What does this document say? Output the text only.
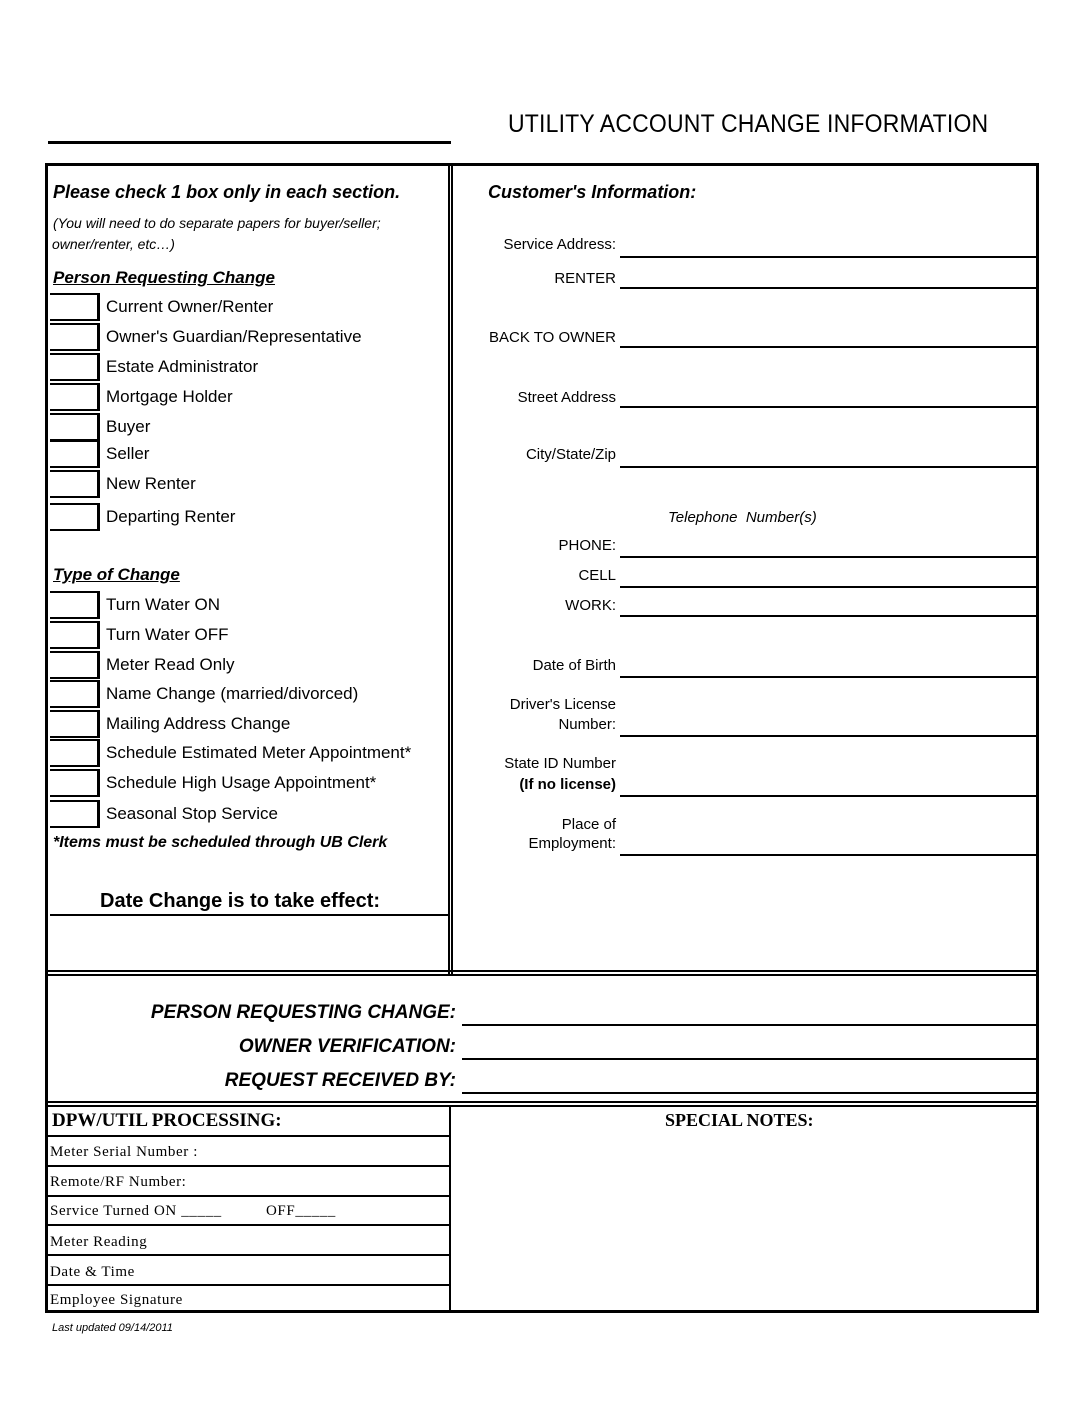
UTILITY ACCOUNT CHANGE INFORMATION
Please check 1 box only in each section.
(You will need to do separate papers for buyer/seller;
owner/renter, etc…)
Person Requesting Change
Current Owner/Renter
Owner's Guardian/Representative
Estate Administrator
Mortgage Holder
Buyer
Seller
New Renter
Departing Renter
Type of Change
Turn Water ON
Turn Water OFF
Meter Read Only
Name Change (married/divorced)
Mailing Address Change
Schedule Estimated Meter Appointment*
Schedule High Usage Appointment*
Seasonal Stop Service
*Items must be scheduled through UB Clerk
Date Change is to take effect:
Customer's Information:
Service Address:
RENTER
BACK TO OWNER
Street Address
City/State/Zip
Telephone  Number(s)
PHONE:
CELL
WORK:
Date of Birth
Driver's License
Number:
State ID Number
(If no license)
Place of
Employment:
PERSON REQUESTING CHANGE:
OWNER VERIFICATION:
REQUEST RECEIVED BY:
DPW/UTIL PROCESSING:
Meter Serial Number :
Remote/RF Number:
Service Turned ON _____	OFF_____
Meter Reading
Date & Time
Employee Signature
SPECIAL NOTES:
Last updated 09/14/2011
